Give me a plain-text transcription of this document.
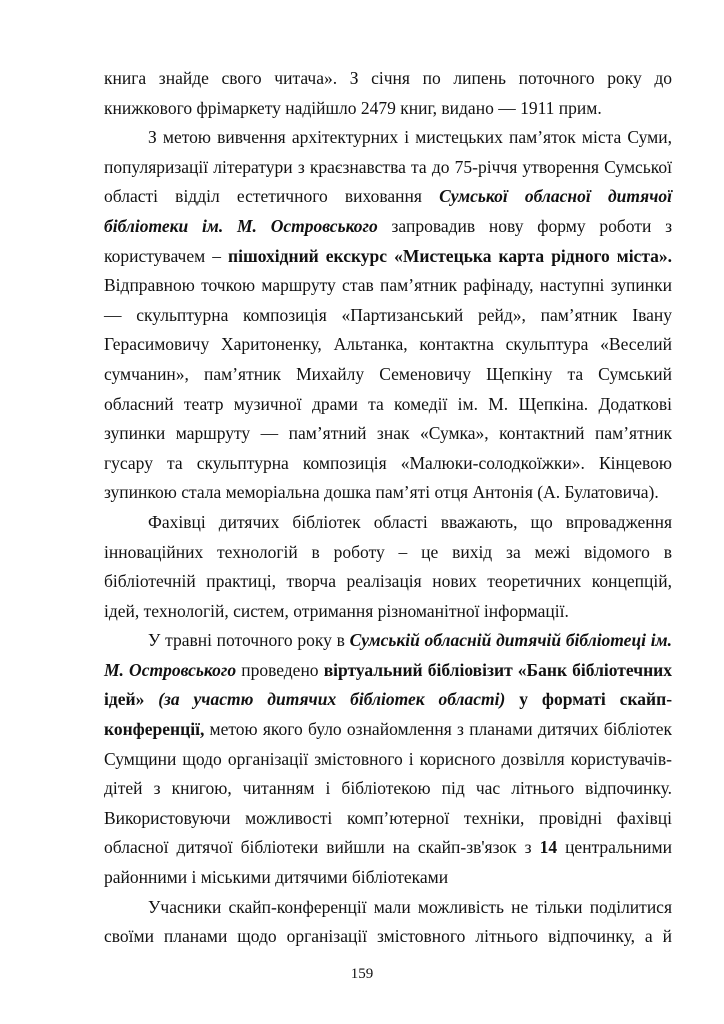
книга знайде свого читача». З січня по липень поточного року до книжкового фрімаркету надійшло 2479 книг, видано — 1911 прим.

З метою вивчення архітектурних і мистецьких пам’яток міста Суми, популяризації літератури з краєзнавства та до 75-річчя утворення Сумської області відділ естетичного виховання Сумської обласної дитячої бібліотеки ім. М. Островського запровадив нову форму роботи з користувачем – пішохідний екскурс «Мистецька карта рідного міста». Відправною точкою маршруту став пам’ятник рафінаду, наступні зупинки — скульптурна композиція «Партизанський рейд», пам’ятник Івану Герасимовичу Харитоненку, Альтанка, контактна скульптура «Веселий сумчанин», пам’ятник Михайлу Семеновичу Щепкіну та Сумський обласний театр музичної драми та комедії ім. М. Щепкіна. Додаткові зупинки маршруту — пам’ятний знак «Сумка», контактний пам’ятник гусару та скульптурна композиція «Малюки-солодкоїжки». Кінцевою зупинкою стала меморіальна дошка пам’яті отця Антонія (А. Булатовича).

Фахівці дитячих бібліотек області вважають, що впровадження інноваційних технологій в роботу – це вихід за межі відомого в бібліотечній практиці, творча реалізація нових теоретичних концепцій, ідей, технологій, систем, отримання різноманітної інформації.

У травні поточного року в Сумській обласній дитячій бібліотеці ім. М. Островського проведено віртуальний бібліовізит «Банк бібліотечних ідей» (за участю дитячих бібліотек області) у форматі скайп-конференції, метою якого було ознайомлення з планами дитячих бібліотек Сумщини щодо організації змістовного і корисного дозвілля користувачів-дітей з книгою, читанням і бібліотекою під час літнього відпочинку. Використовуючи можливості комп’ютерної техніки, провідні фахівці обласної дитячої бібліотеки вийшли на скайп-зв'язок з 14 центральними районними і міськими дитячими бібліотеками

Учасники скайп-конференції мали можливість не тільки поділитися своїми планами щодо організації змістовного літнього відпочинку, а й

159
